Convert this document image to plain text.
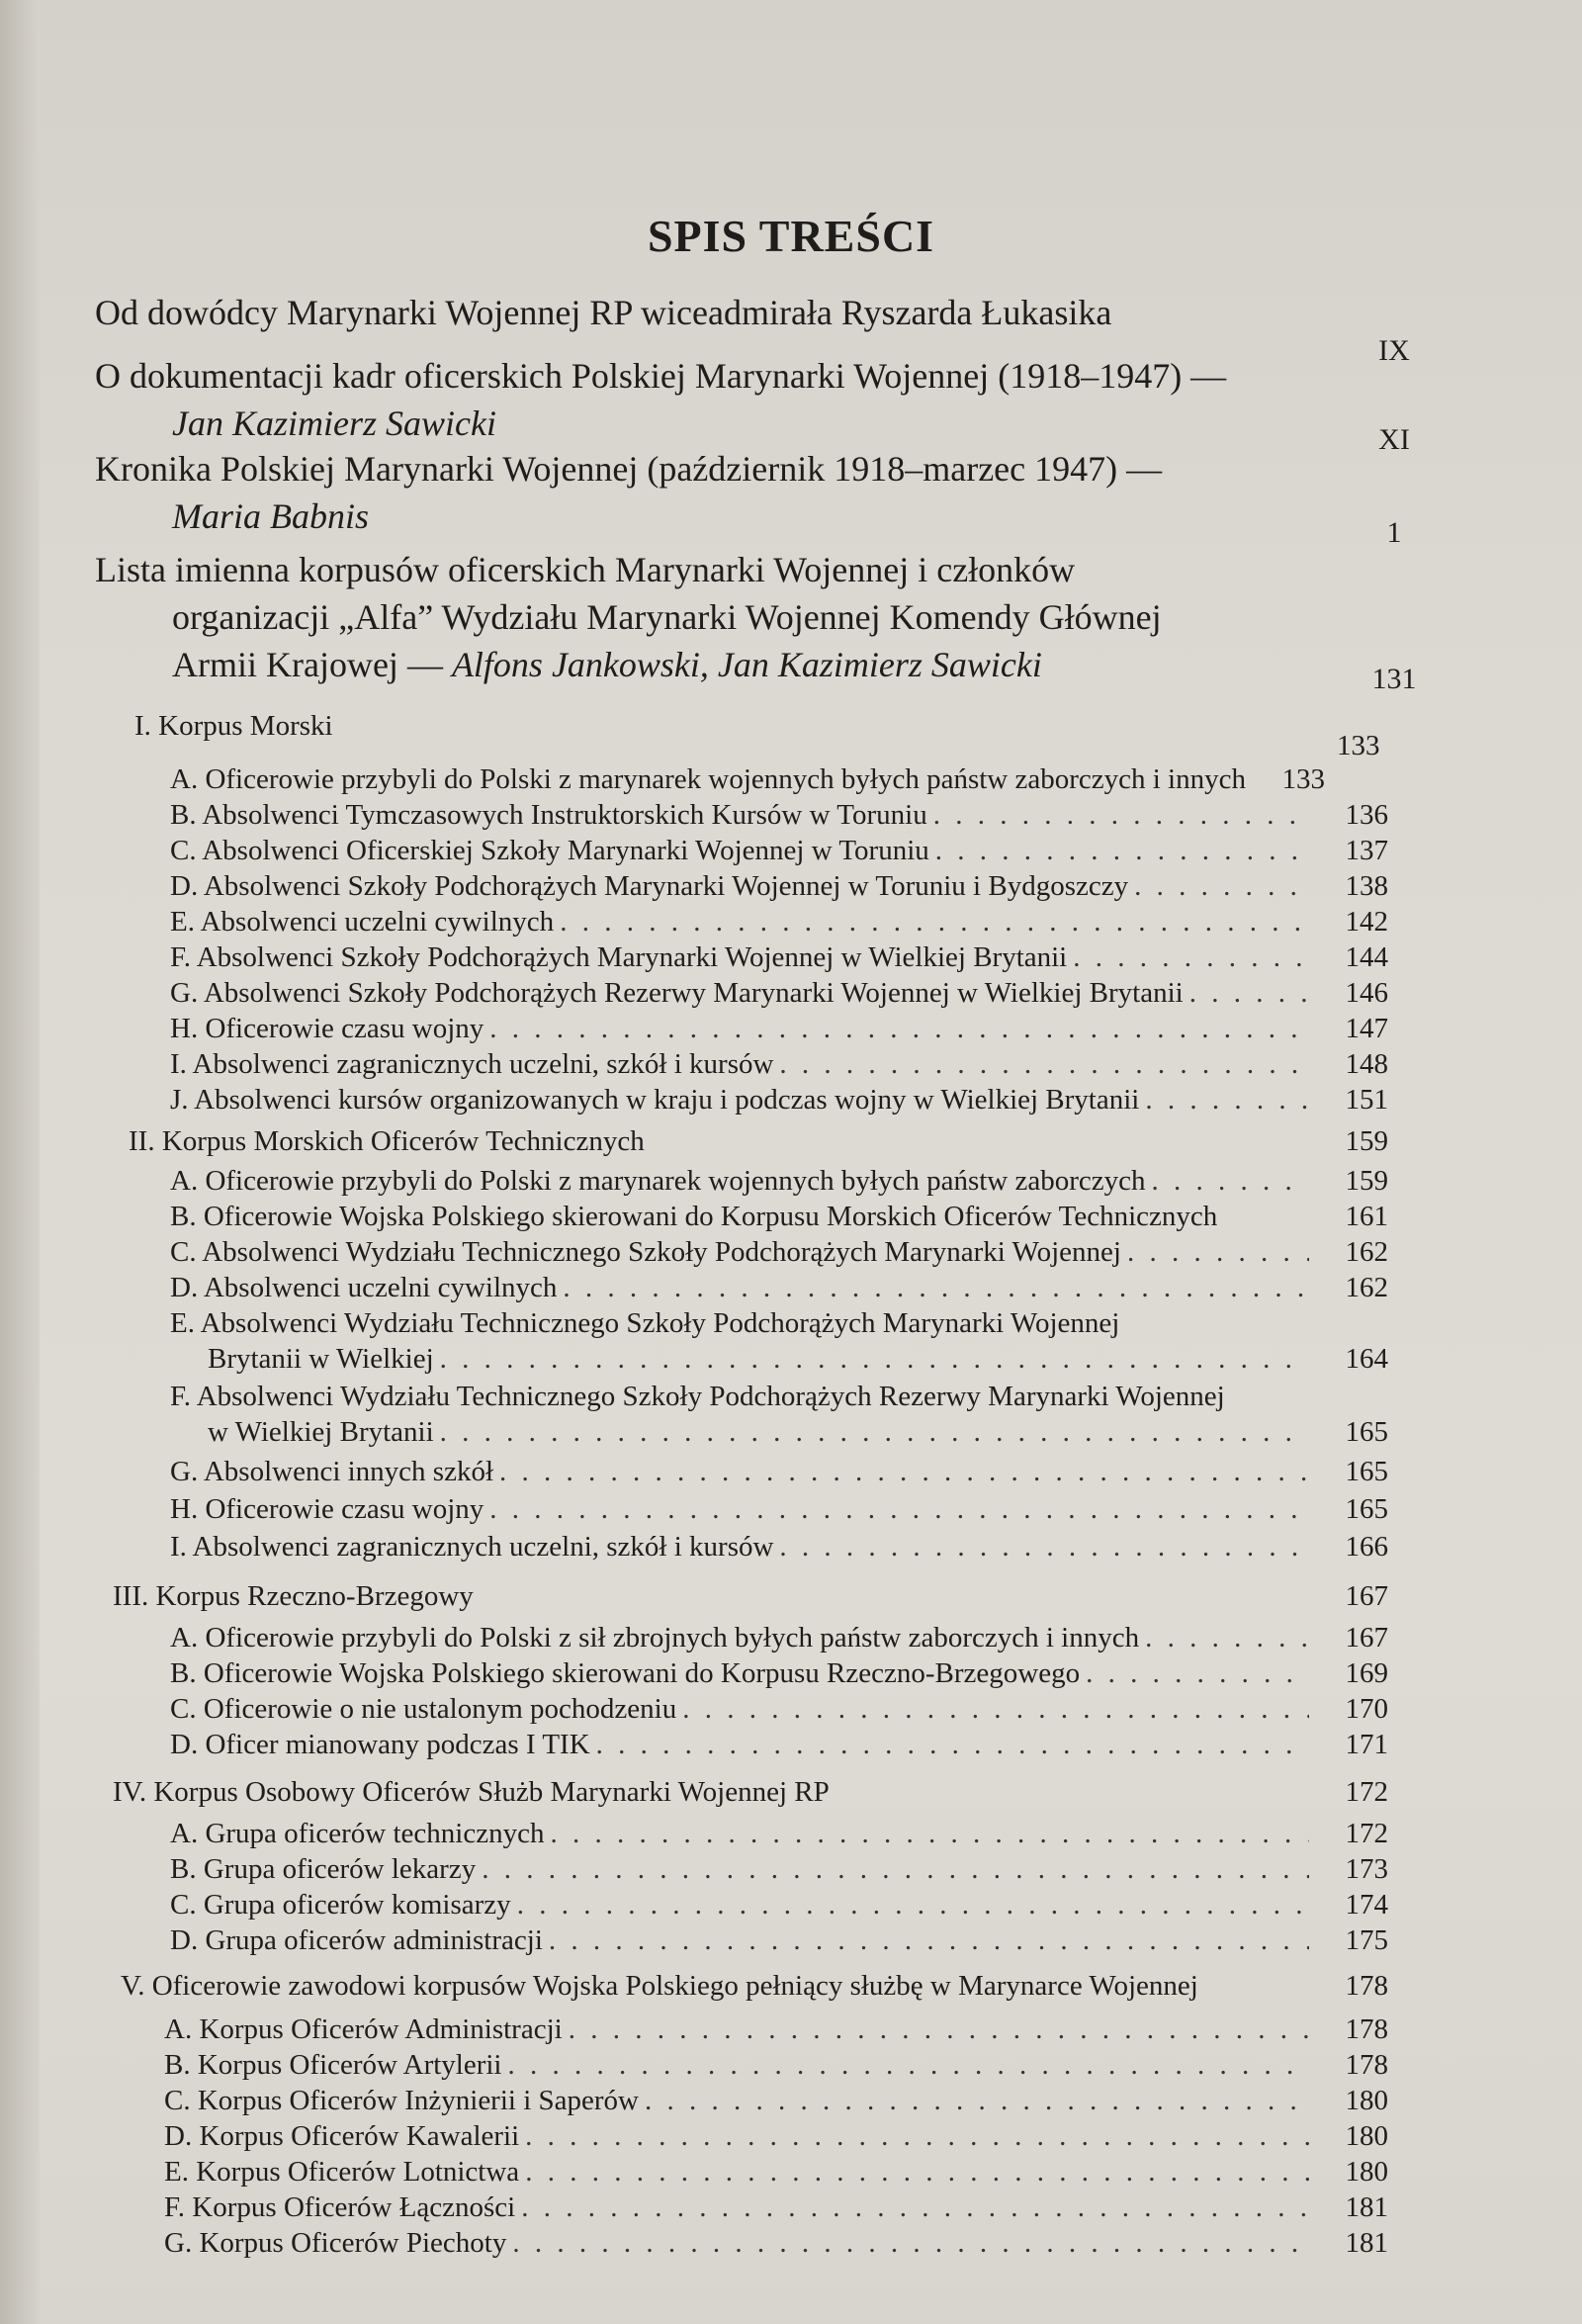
SPIS TREŚCI
Od dowódcy Marynarki Wojennej RP wiceadmirała Ryszarda Łukasika
IX
O dokumentacji kadr oficerskich Polskiej Marynarki Wojennej (1918–1947) —
Jan Kazimierz Sawicki	XI
Kronika Polskiej Marynarki Wojennej (październik 1918–marzec 1947) —
Maria Babnis	1
Lista imienna korpusów oficerskich Marynarki Wojennej i członków
organizacji „Alfa” Wydziału Marynarki Wojennej Komendy Głównej
Armii Krajowej — Alfons Jankowski, Jan Kazimierz Sawicki	131
I. Korpus Morski
133
A. Oficerowie przybyli do Polski z marynarek wojennych byłych państw zaborczych i innych	133
B. Absolwenci Tymczasowych Instruktorskich Kursów w Toruniu . . .	136
C. Absolwenci Oficerskiej Szkoły Marynarki Wojennej w Toruniu . . .	137
D. Absolwenci Szkoły Podchorążych Marynarki Wojennej w Toruniu i Bydgoszczy . . .	138
E. Absolwenci uczelni cywilnych . . .	142
F. Absolwenci Szkoły Podchorążych Marynarki Wojennej w Wielkiej Brytanii . . .	144
G. Absolwenci Szkoły Podchorążych Rezerwy Marynarki Wojennej w Wielkiej Brytanii . . .	146
H. Oficerowie czasu wojny . . .	147
I. Absolwenci zagranicznych uczelni, szkół i kursów . . .	148
J. Absolwenci kursów organizowanych w kraju i podczas wojny w Wielkiej Brytanii . . .	151
II. Korpus Morskich Oficerów Technicznych	159
A. Oficerowie przybyli do Polski z marynarek wojennych byłych państw zaborczych . . .	159
B. Oficerowie Wojska Polskiego skierowani do Korpusu Morskich Oficerów Technicznych	161
C. Absolwenci Wydziału Technicznego Szkoły Podchorążych Marynarki Wojennej . . .	162
D. Absolwenci uczelni cywilnych . . .	162
E. Absolwenci Wydziału Technicznego Szkoły Podchorążych Marynarki Wojennej
Brytanii w Wielkiej . . .	164
F. Absolwenci Wydziału Technicznego Szkoły Podchorążych Rezerwy Marynarki Wojennej
w Wielkiej Brytanii . . .	165
G. Absolwenci innych szkół . . .	165
H. Oficerowie czasu wojny . . .	165
I. Absolwenci zagranicznych uczelni, szkół i kursów . . .	166
III. Korpus Rzeczno-Brzegowy	167
A. Oficerowie przybyli do Polski z sił zbrojnych byłych państw zaborczych i innych . . .	167
B. Oficerowie Wojska Polskiego skierowani do Korpusu Rzeczno-Brzegowego . . .	169
C. Oficerowie o nie ustalonym pochodzeniu . . .	170
D. Oficer mianowany podczas I TIK . . .	171
IV. Korpus Osobowy Oficerów Służb Marynarki Wojennej RP	172
A. Grupa oficerów technicznych . . .	172
B. Grupa oficerów lekarzy . . .	173
C. Grupa oficerów komisarzy . . .	174
D. Grupa oficerów administracji . . .	175
V. Oficerowie zawodowi korpusów Wojska Polskiego pełniący służbę w Marynarce Wojennej	178
A. Korpus Oficerów Administracji . . .	178
B. Korpus Oficerów Artylerii . . .	178
C. Korpus Oficerów Inżynierii i Saperów . . .	180
D. Korpus Oficerów Kawalerii . . .	180
E. Korpus Oficerów Lotnictwa . . .	180
F. Korpus Oficerów Łączności . . .	181
G. Korpus Oficerów Piechoty . . .	181
